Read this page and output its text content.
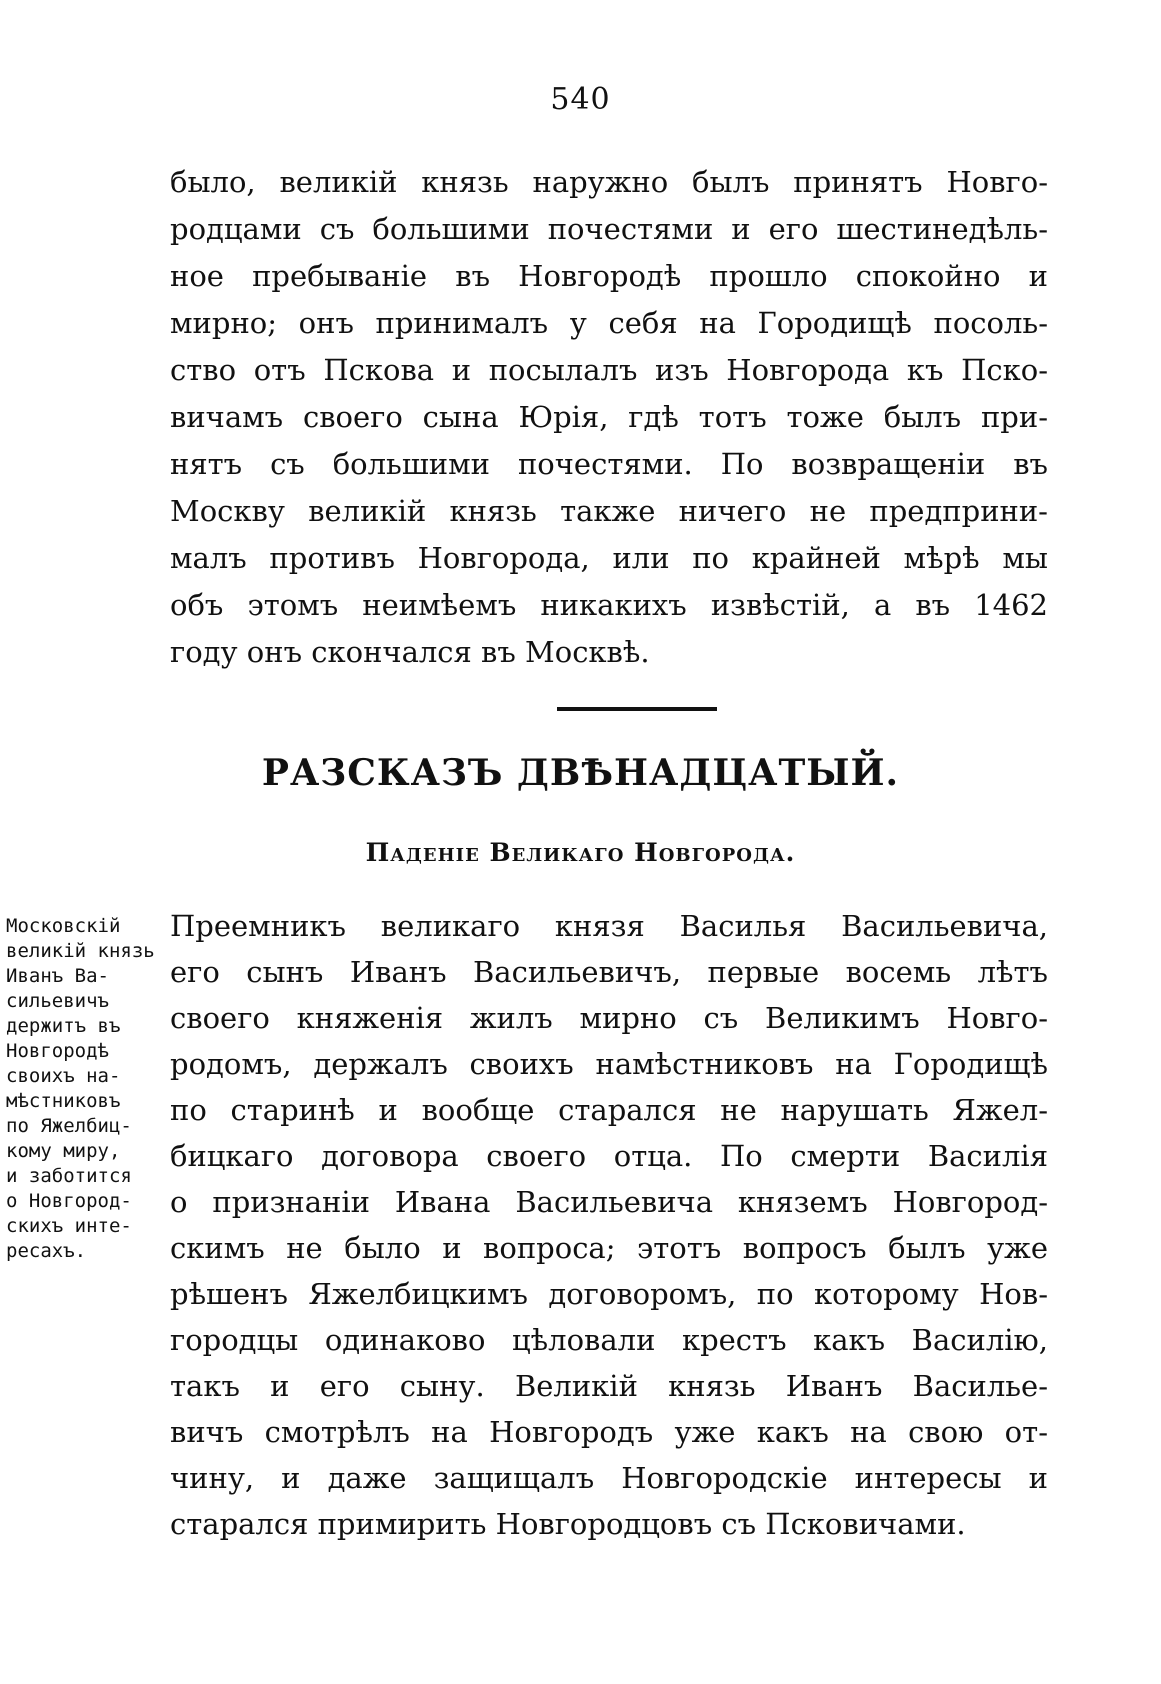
540

было, великій князь наружно былъ принятъ Новго-

родцами съ большими почестями и его шестинедѣль-

ное пребываніе въ Новгородѣ прошло спокойно и

мирно; онъ принималъ у себя на Городищѣ посоль-

ство отъ Пскова и посылалъ изъ Новгорода къ Пско-

вичамъ своего сына Юрія, гдѣ тотъ тоже былъ при-

нятъ съ большими почестями. По возвращеніи въ

Москву великій князь также ничего не предприни-

малъ противъ Новгорода, или по крайней мѣрѣ мы

объ этомъ неимѣемъ никакихъ извѣстій, а въ 1462

году онъ скончался въ Москвѣ.

РАЗСКАЗЪ ДВѢНАДЦАТЫЙ.
Паденіе Великаго Новгорода.
Московскій
великій князь
Иванъ Ва-
сильевичъ
держитъ въ
Новгородѣ
своихъ на-
мѣстниковъ
по Яжелбиц-
кому миру,
и заботится
о Новгород-
скихъ инте-
ресахъ.

Преемникъ великаго князя Василья Васильевича,

его сынъ Иванъ Васильевичъ, первые восемь лѣтъ

своего княженія жилъ мирно съ Великимъ Новго-

родомъ, держалъ своихъ намѣстниковъ на Городищѣ

по старинѣ и вообще старался не нарушать Яжел-

бицкаго договора своего отца. По смерти Василія

о признаніи Ивана Васильевича княземъ Новгород-

скимъ не было и вопроса; этотъ вопросъ былъ уже

рѣшенъ Яжелбицкимъ договоромъ, по которому Нов-

городцы одинаково цѣловали крестъ какъ Василію,

такъ и его сыну. Великій князь Иванъ Василье-

вичъ смотрѣлъ на Новгородъ уже какъ на свою от-

чину, и даже защищалъ Новгородскіе интересы и

старался примирить Новгородцовъ съ Псковичами.
